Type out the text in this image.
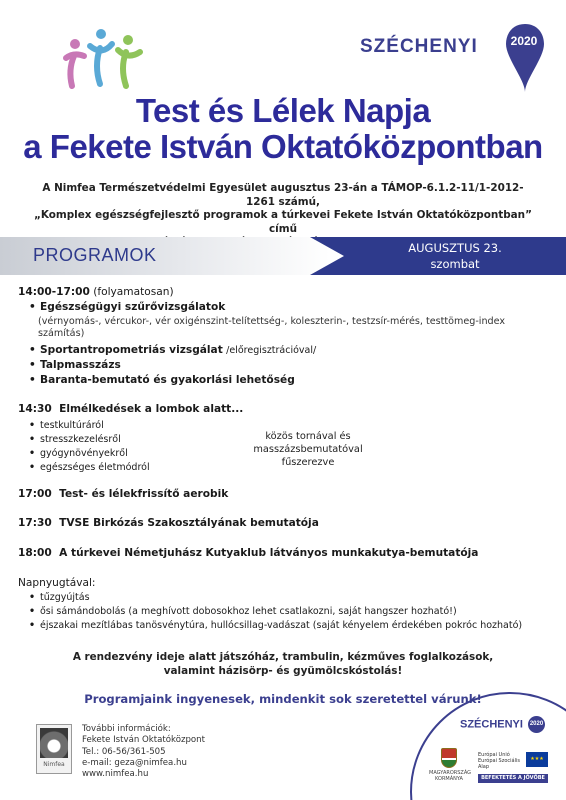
SZÉCHENYI	2020
Test és Lélek Napja
a Fekete István Oktatóközpontban
A Nimfea Természetvédelmi Egyesület augusztus 23-án a TÁMOP-6.1.2-11/1-2012-1261 számú,
„Komplex egészségfejlesztő programok a túrkevei Fekete István Oktatóközpontban” című
PROGRAMOK	AUGUSZTUS 23.
szombat
14:00-17:00 (folyamatosan)
• Egészségügyi szűrővizsgálatok
(vérnyomás-, vércukor-, vér oxigénszint-telítettség-, koleszterin-, testzsír-mérés, testtömeg-index
számítás)
• Sportantropometriás vizsgálat /előregisztrációval/
• Talpmasszázs
• Baranta-bemutató és gyakorlási lehetőség
14:30 Elmélkedések a lombok alatt...
• testkultúráról
• stresszkezelésről
• gyógynövényekről
• egészséges életmódról
közös tornával és masszázsbemutatóval
fűszerezve
17:00 Test- és lélekfrissítő aerobik
17:30 TVSE Birkózás Szakosztályának bemutatója
18:00 A túrkevei Németjuhász Kutyaklub látványos munkakutya-bemutatója
Napnyugtával:
• tűzgyújtás
• ősi sámándobolás (a meghívott dobosokhoz lehet csatlakozni, saját hangszer hozható!)
• éjszakai mezítlábas tanösvénytúra, hullócsillag-vadászat (saját kényelem érdekében pokróc hozható)
A rendezvény ideje alatt játszóház, trambulin, kézműves foglalkozások,
valamint házisörp- és gyümölcskóstolás!
Programjaink ingyenesek, mindenkit sok szeretettel várunk!
Nimfea
További információk:
Fekete István Oktatóközpont
Tel.: 06-56/361-505
e-mail: geza@nimfea.hu
www.nimfea.hu
SZÉCHENYI 2020
MAGYARORSZÁG
KORMÁNYA
Európai Unió
Európai Szociális
Alap
★★★
BEFEKTETÉS A JÖVŐBE
